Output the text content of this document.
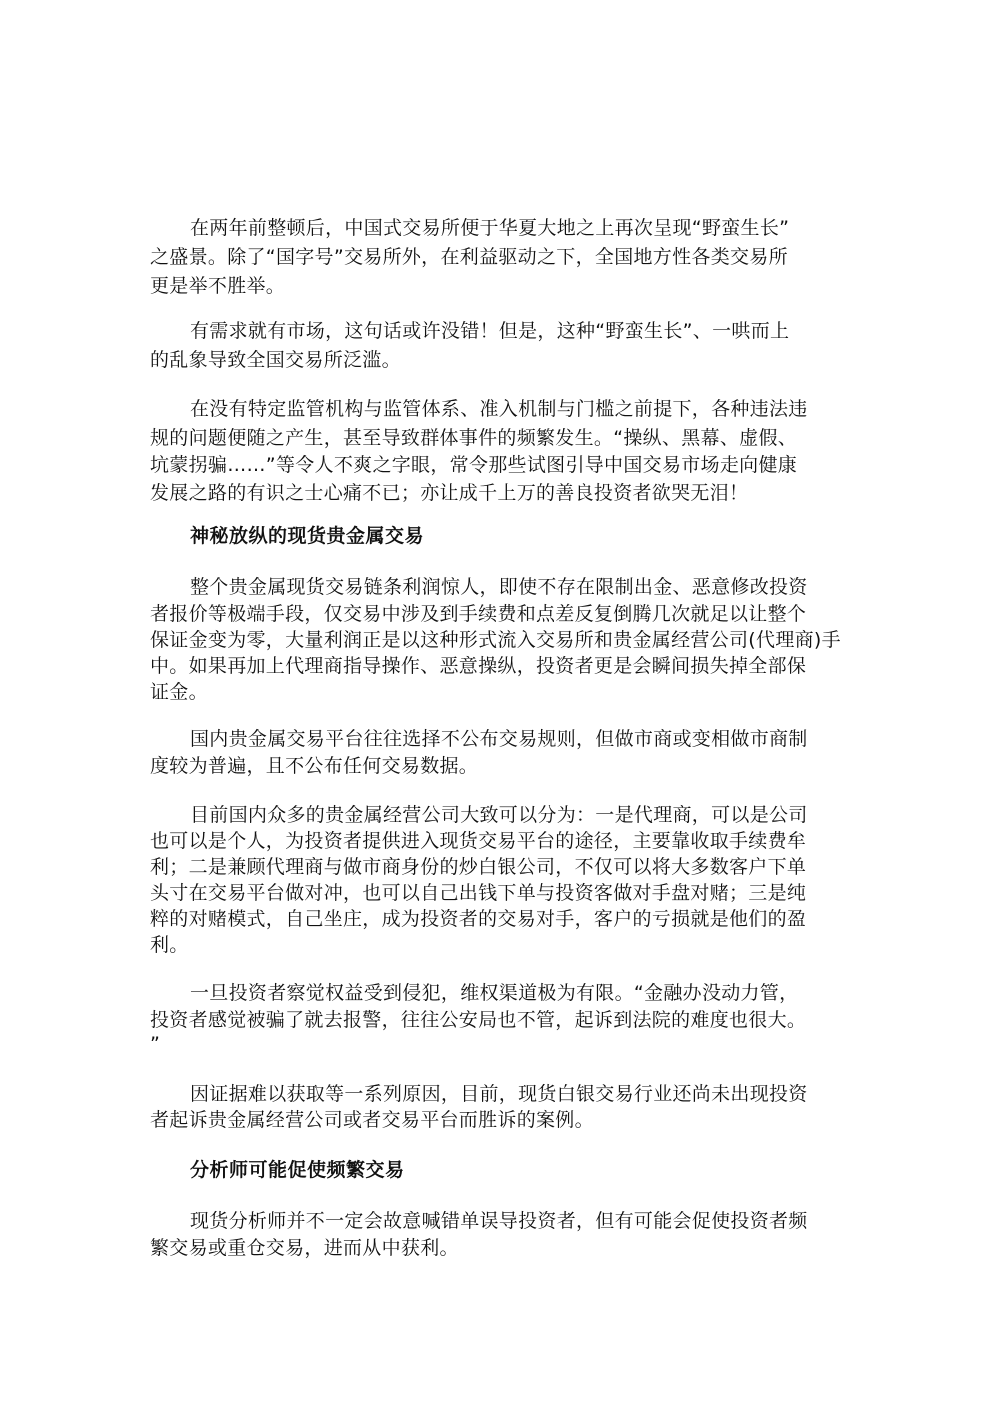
在两年前整顿后，中国式交易所便于华夏大地之上再次呈现“野蛮生长”
之盛景。除了“国字号”交易所外，在利益驱动之下，全国地方性各类交易所
更是举不胜举。
有需求就有市场，这句话或许没错！但是，这种“野蛮生长”、一哄而上
的乱象导致全国交易所泛滥。
在没有特定监管机构与监管体系、准入机制与门槛之前提下，各种违法违
规的问题便随之产生，甚至导致群体事件的频繁发生。“操纵、黑幕、虚假、
坑蒙拐骗……”等令人不爽之字眼，常令那些试图引导中国交易市场走向健康
发展之路的有识之士心痛不已；亦让成千上万的善良投资者欲哭无泪！
神秘放纵的现货贵金属交易
整个贵金属现货交易链条利润惊人，即使不存在限制出金、恶意修改投资
者报价等极端手段，仅交易中涉及到手续费和点差反复倒腾几次就足以让整个
保证金变为零，大量利润正是以这种形式流入交易所和贵金属经营公司(代理商)手
中。如果再加上代理商指导操作、恶意操纵，投资者更是会瞬间损失掉全部保
证金。
国内贵金属交易平台往往选择不公布交易规则，但做市商或变相做市商制
度较为普遍，且不公布任何交易数据。
目前国内众多的贵金属经营公司大致可以分为：一是代理商，可以是公司
也可以是个人，为投资者提供进入现货交易平台的途径，主要靠收取手续费牟
利；二是兼顾代理商与做市商身份的炒白银公司，不仅可以将大多数客户下单
头寸在交易平台做对冲，也可以自己出钱下单与投资客做对手盘对赌；三是纯
粹的对赌模式，自己坐庄，成为投资者的交易对手，客户的亏损就是他们的盈
利。
一旦投资者察觉权益受到侵犯，维权渠道极为有限。“金融办没动力管，
投资者感觉被骗了就去报警，往往公安局也不管，起诉到法院的难度也很大。
”
因证据难以获取等一系列原因，目前，现货白银交易行业还尚未出现投资
者起诉贵金属经营公司或者交易平台而胜诉的案例。
分析师可能促使频繁交易
现货分析师并不一定会故意喊错单误导投资者，但有可能会促使投资者频
繁交易或重仓交易，进而从中获利。
